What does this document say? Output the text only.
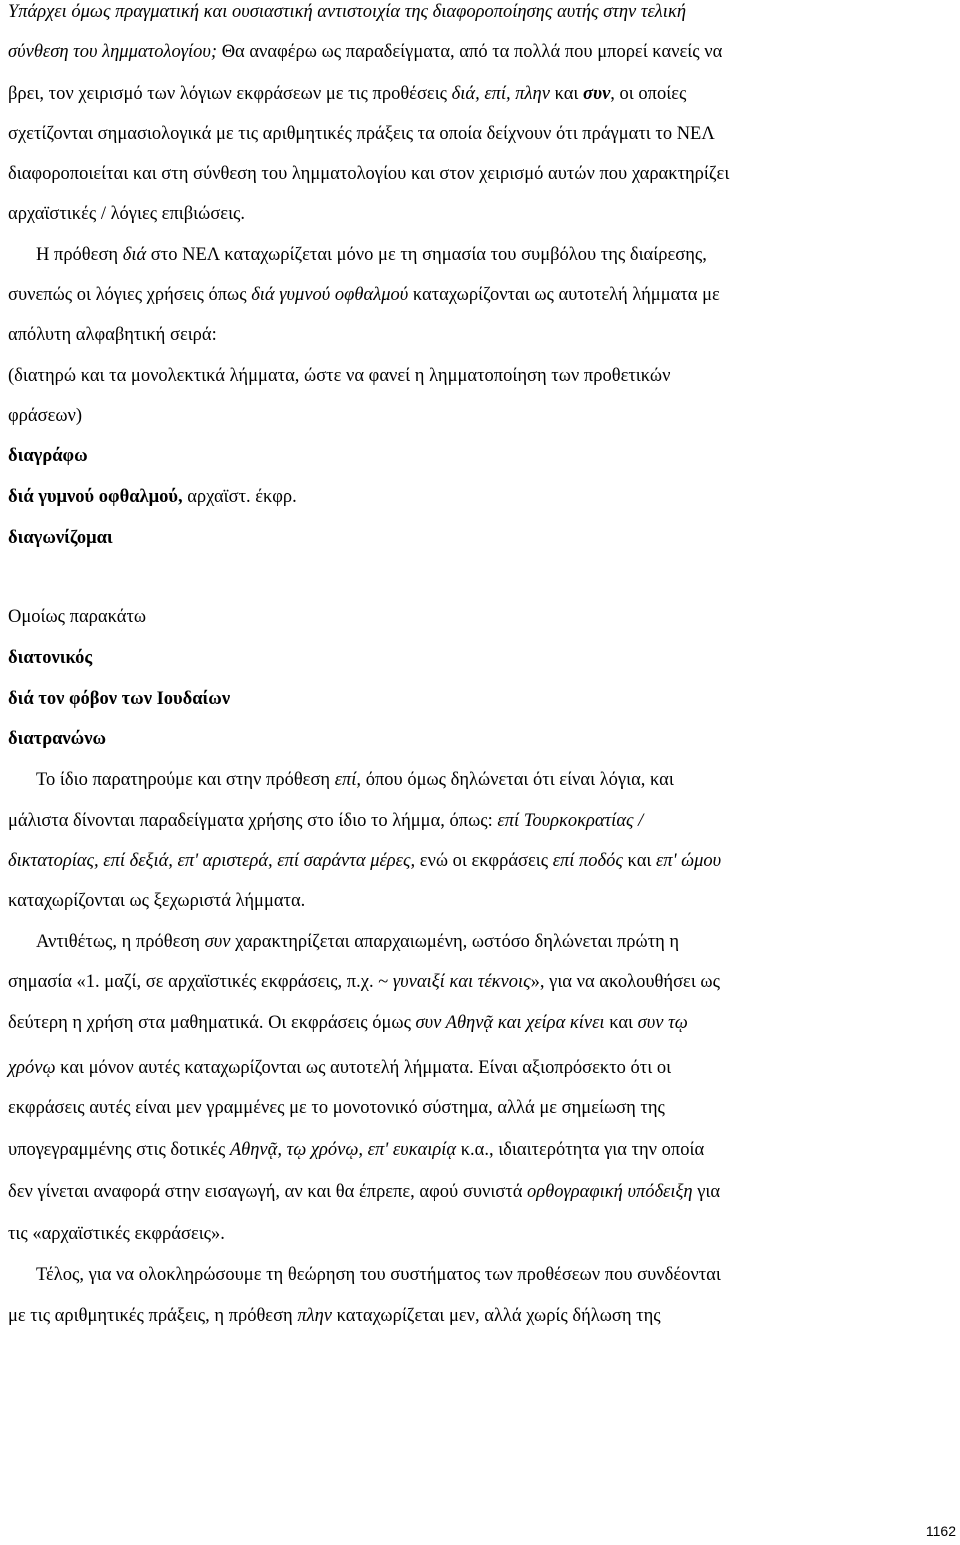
Υπάρχει όμως πραγματική και ουσιαστική αντιστοιχία της διαφοροποίησης αυτής στην τελική
σύνθεση του λημματολογίου; Θα αναφέρω ως παραδείγματα, από τα πολλά που μπορεί κανείς να
βρει, τον χειρισμό των λόγιων εκφράσεων με τις προθέσεις διά, επί, πλην και συν, οι οποίες
σχετίζονται σημασιολογικά με τις αριθμητικές πράξεις τα οποία δείχνουν ότι πράγματι το ΝΕΛ
διαφοροποιείται και στη σύνθεση του λημματολογίου και στον χειρισμό αυτών που χαρακτηρίζει
αρχαϊστικές / λόγιες επιβιώσεις.
Η πρόθεση διά στο ΝΕΛ καταχωρίζεται μόνο με τη σημασία του συμβόλου της διαίρεσης,
συνεπώς οι λόγιες χρήσεις όπως διά γυμνού οφθαλμού καταχωρίζονται ως αυτοτελή λήμματα με
απόλυτη αλφαβητική σειρά:
(διατηρώ και τα μονολεκτικά λήμματα, ώστε να φανεί η λημματοποίηση των προθετικών
φράσεων)
διαγράφω
διά γυμνού οφθαλμού, αρχαϊστ. έκφρ.
διαγωνίζομαι
Ομοίως παρακάτω
διατονικός
διά τον φόβον των Ιουδαίων
διατρανώνω
Το ίδιο παρατηρούμε και στην πρόθεση επί, όπου όμως δηλώνεται ότι είναι λόγια, και
μάλιστα δίνονται παραδείγματα χρήσης στο ίδιο το λήμμα, όπως: επί Τουρκοκρατίας /
δικτατορίας, επί δεξιά, επ' αριστερά, επί σαράντα μέρες, ενώ οι εκφράσεις επί ποδός και επ' ώμου
καταχωρίζονται ως ξεχωριστά λήμματα.
Αντιθέτως, η πρόθεση συν χαρακτηρίζεται απαρχαιωμένη, ωστόσο δηλώνεται πρώτη η
σημασία «1. μαζί, σε αρχαϊστικές εκφράσεις, π.χ. ~ γυναιξί και τέκνοις», για να ακολουθήσει ως
δεύτερη η χρήση στα μαθηματικά. Οι εκφράσεις όμως συν Αθηνᾷ και χείρα κίνει και συν τῳ
χρόνῳ και μόνον αυτές καταχωρίζονται ως αυτοτελή λήμματα. Είναι αξιοπρόσεκτο ότι οι
εκφράσεις αυτές είναι μεν γραμμένες με το μονοτονικό σύστημα, αλλά με σημείωση της
υπογεγραμμένης στις δοτικές Αθηνᾷ, τῳ χρόνῳ, επ' ευκαιρίᾳ κ.α., ιδιαιτερότητα για την οποία
δεν γίνεται αναφορά στην εισαγωγή, αν και θα έπρεπε, αφού συνιστά ορθογραφική υπόδειξη για
τις «αρχαϊστικές εκφράσεις».
Τέλος, για να ολοκληρώσουμε τη θεώρηση του συστήματος των προθέσεων που συνδέονται
με τις αριθμητικές πράξεις, η πρόθεση πλην καταχωρίζεται μεν, αλλά χωρίς δήλωση της
1162
